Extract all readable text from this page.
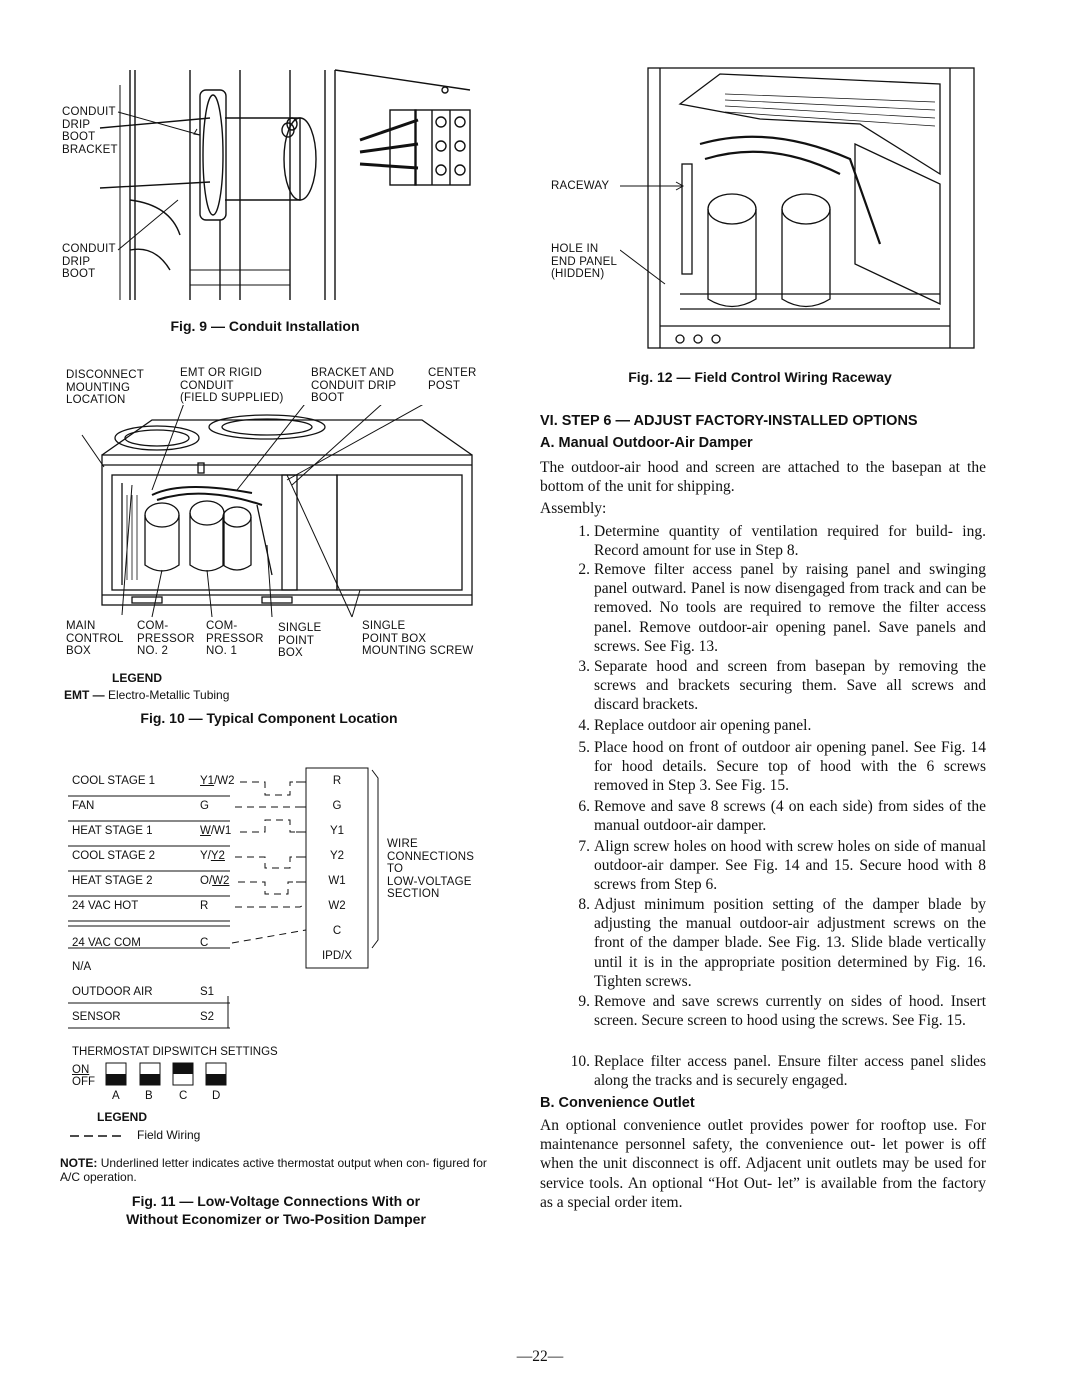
CONDUIT
DRIP
BOOT
BRACKET
CONDUIT
DRIP
BOOT
Fig. 9 — Conduit Installation
DISCONNECT
MOUNTING
LOCATION
EMT OR RIGID
CONDUIT
(FIELD SUPPLIED)
BRACKET AND
CONDUIT DRIP
BOOT
CENTER
POST
MAIN
CONTROL
BOX
COM-
PRESSOR
NO. 2
COM-
PRESSOR
NO. 1
SINGLE
POINT
BOX
SINGLE
POINT BOX
MOUNTING SCREW
LEGEND
EMT — Electro-Metallic Tubing
Fig. 10 — Typical Component Location
COOL STAGE 1	Y1/W2
FAN	G
HEAT STAGE 1	W/W1
COOL STAGE 2	Y/Y2
HEAT STAGE 2	O/W2
24 VAC HOT	R
24 VAC COM	C
N/A
OUTDOOR AIR	S1
SENSOR	S2
R
G
Y1
Y2
W1
W2
C
IPD/X
WIRE
CONNECTIONS
TO
LOW-VOLTAGE
SECTION
THERMOSTAT DIPSWITCH SETTINGS
ON
OFF
A B C D
LEGEND
Field Wiring
NOTE: Underlined letter indicates active thermostat output when con- figured for A/C operation.
Fig. 11 — Low-Voltage Connections With or
Without Economizer or Two-Position Damper
RACEWAY
HOLE IN
END PANEL
(HIDDEN)
Fig. 12 — Field Control Wiring Raceway
VI. STEP 6 — ADJUST FACTORY-INSTALLED OPTIONS
A. Manual Outdoor-Air Damper
The outdoor-air hood and screen are attached to the basepan at the bottom of the unit for shipping.
Assembly:
1. Determine quantity of ventilation required for build- ing. Record amount for use in Step 8.
2. Remove filter access panel by raising panel and swinging panel outward. Panel is now disengaged from track and can be removed. No tools are required to remove the filter access panel. Remove outdoor-air opening panel. Save panels and screws. See Fig. 13.
3. Separate hood and screen from basepan by removing the screws and brackets securing them. Save all screws and discard brackets.
4. Replace outdoor air opening panel.
5. Place hood on front of outdoor air opening panel. See Fig. 14 for hood details. Secure top of hood with the 6 screws removed in Step 3. See Fig. 15.
6. Remove and save 8 screws (4 on each side) from sides of the manual outdoor-air damper.
7. Align screw holes on hood with screw holes on side of manual outdoor-air damper. See Fig. 14 and 15. Secure hood with 8 screws from Step 6.
8. Adjust minimum position setting of the damper blade by adjusting the manual outdoor-air adjustment screws on the front of the damper blade. See Fig. 13. Slide blade vertically until it is in the appropriate position determined by Fig. 16. Tighten screws.
9. Remove and save screws currently on sides of hood. Insert screen. Secure screen to hood using the screws. See Fig. 15.
10. Replace filter access panel. Ensure filter access panel slides along the tracks and is securely engaged.
B. Convenience Outlet
An optional convenience outlet provides power for rooftop use. For maintenance personnel safety, the convenience out- let power is off when the unit disconnect is off. Adjacent unit outlets may be used for service tools. An optional “Hot Out- let” is available from the factory as a special order item.
—22—
